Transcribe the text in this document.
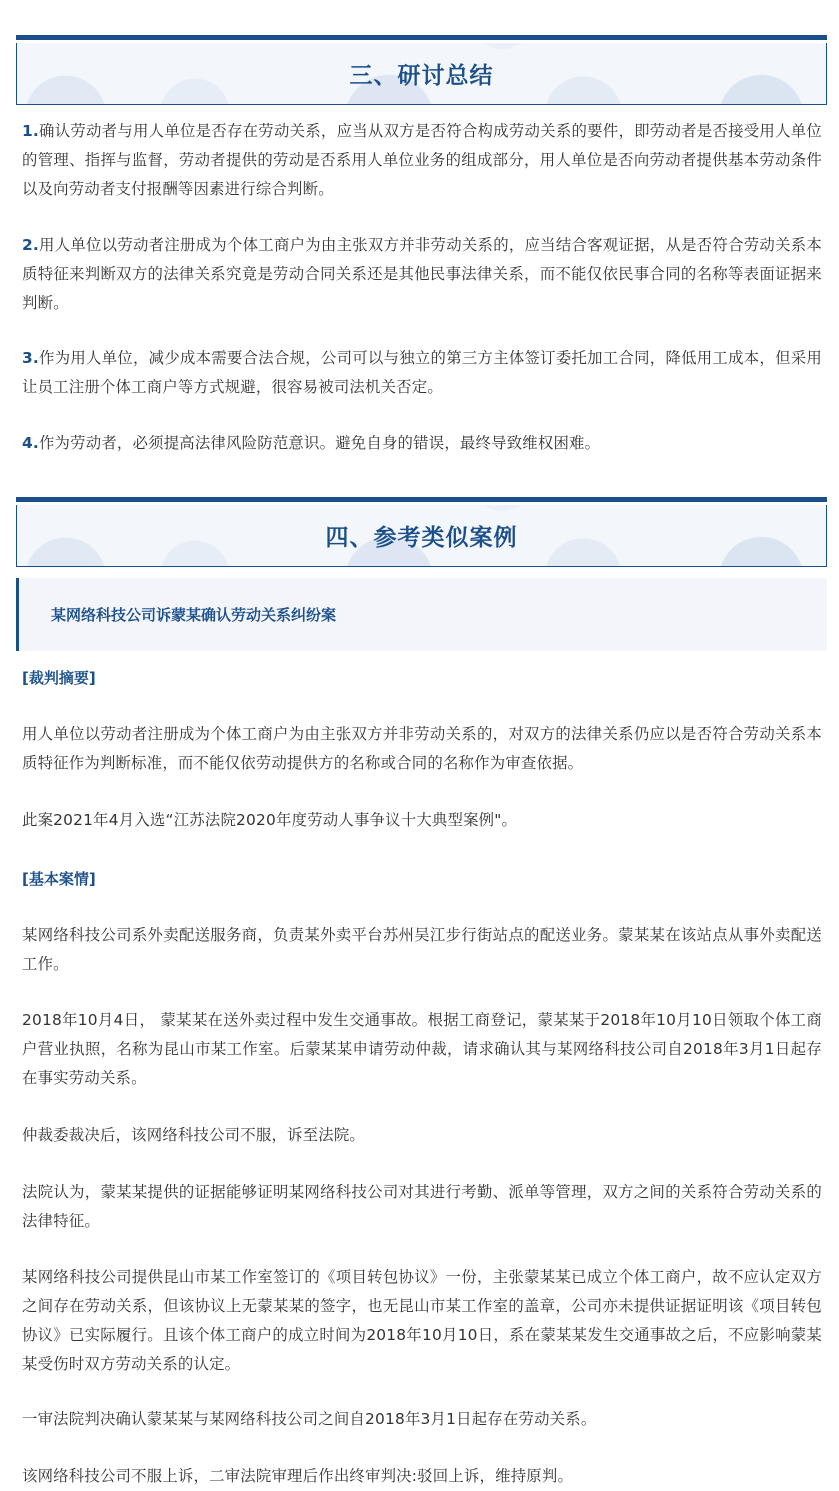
三、研讨总结

1.确认劳动者与用人单位是否存在劳动关系，应当从双方是否符合构成劳动关系的要件，即劳动者是否接受用人单位的管理、指挥与监督，劳动者提供的劳动是否系用人单位业务的组成部分，用人单位是否向劳动者提供基本劳动条件以及向劳动者支付报酬等因素进行综合判断。

2.用人单位以劳动者注册成为个体工商户为由主张双方并非劳动关系的，应当结合客观证据，从是否符合劳动关系本质特征来判断双方的法律关系究竟是劳动合同关系还是其他民事法律关系，而不能仅依民事合同的名称等表面证据来判断。

3.作为用人单位，减少成本需要合法合规，公司可以与独立的第三方主体签订委托加工合同，降低用工成本，但采用让员工注册个体工商户等方式规避，很容易被司法机关否定。

4.作为劳动者，必须提高法律风险防范意识。避免自身的错误，最终导致维权困难。

四、参考类似案例
某网络科技公司诉蒙某确认劳动关系纠纷案
[裁判摘要]

用人单位以劳动者注册成为个体工商户为由主张双方并非劳动关系的，对双方的法律关系仍应以是否符合劳动关系本质特征作为判断标准，而不能仅依劳动提供方的名称或合同的名称作为审查依据。

此案2021年4月入选“江苏法院2020年度劳动人事争议十大典型案例"。

[基本案情]

某网络科技公司系外卖配送服务商，负责某外卖平台苏州吴江步行街站点的配送业务。蒙某某在该站点从事外卖配送工作。

2018年10月4日， 蒙某某在送外卖过程中发生交通事故。根据工商登记，蒙某某于2018年10月10日领取个体工商户营业执照，名称为昆山市某工作室。后蒙某某申请劳动仲裁，请求确认其与某网络科技公司自2018年3月1日起存在事实劳动关系。

仲裁委裁决后，该网络科技公司不服，诉至法院。

法院认为，蒙某某提供的证据能够证明某网络科技公司对其进行考勤、派单等管理，双方之间的关系符合劳动关系的法律特征。

某网络科技公司提供昆山市某工作室签订的《项目转包协议》一份，主张蒙某某已成立个体工商户，故不应认定双方之间存在劳动关系，但该协议上无蒙某某的签字，也无昆山市某工作室的盖章，公司亦未提供证据证明该《项目转包协议》已实际履行。且该个体工商户的成立时间为2018年10月10日，系在蒙某某发生交通事故之后，不应影响蒙某某受伤时双方劳动关系的认定。

一审法院判决确认蒙某某与某网络科技公司之间自2018年3月1日起存在劳动关系。

该网络科技公司不服上诉，二审法院审理后作出终审判决:驳回上诉，维持原判。
